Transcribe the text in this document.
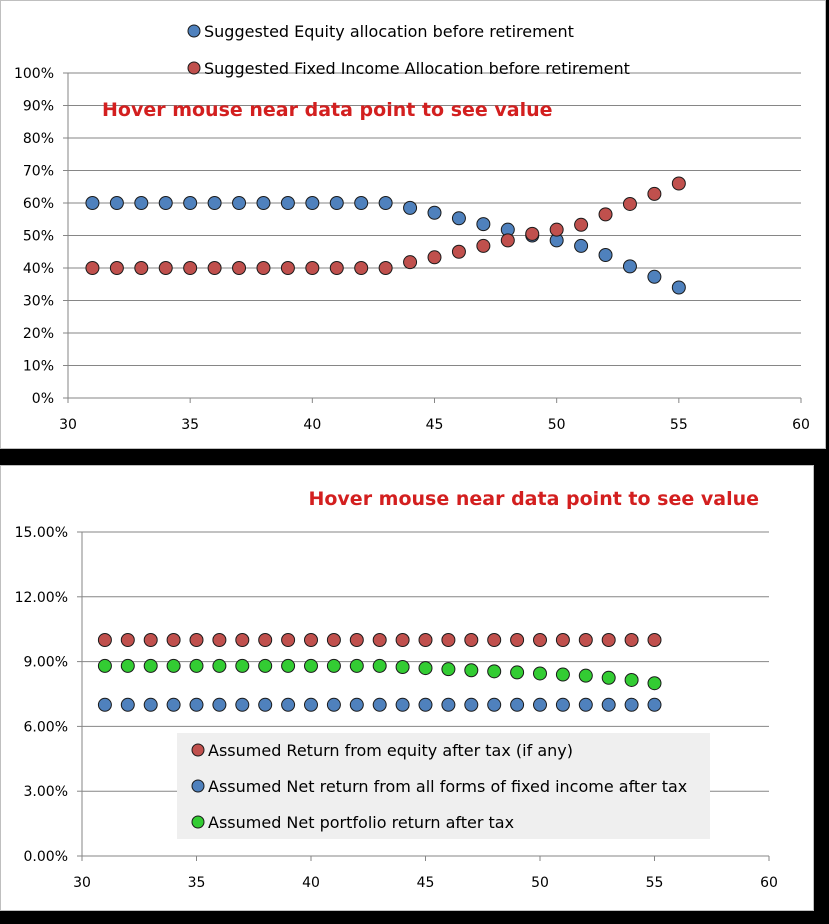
0%
10%
20%
30%
40%
50%
60%
70%
80%
90%
100%
30	35	40	45	50	55	60
Suggested Equity allocation before retirement
Suggested Fixed Income Allocation before retirement
Hover mouse near data point to see value
0.00%
3.00%
6.00%
9.00%
12.00%
15.00%
30	35	40	45	50	55	60
Assumed Return from equity after tax (if any)
Assumed Net return from all forms of fixed income after tax
Assumed Net portfolio return after tax
Hover mouse near data point to see value
